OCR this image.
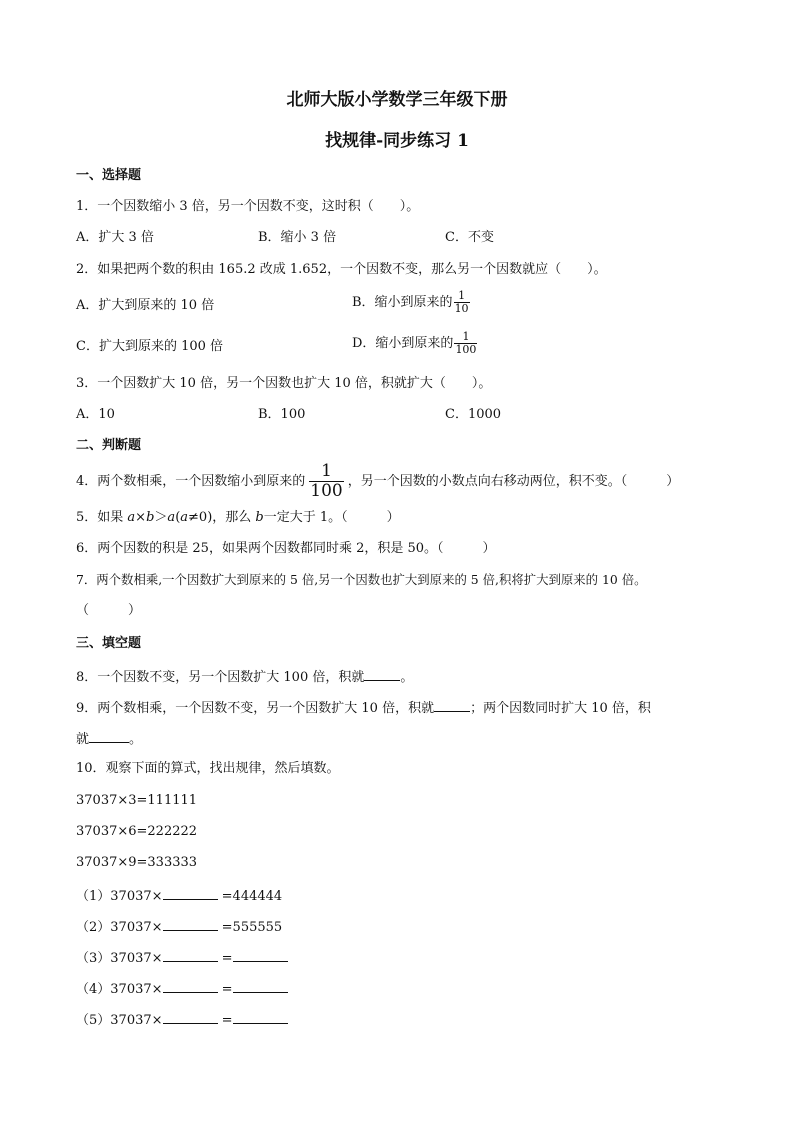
北师大版小学数学三年级下册
找规律-同步练习 1
一、选择题
1．一个因数缩小 3 倍，另一个因数不变，这时积（　　）。
A．扩大 3 倍	B．缩小 3 倍	C．不变
2．如果把两个数的积由 165.2 改成 1.652，一个因数不变，那么另一个因数就应（　　）。
A．扩大到原来的 10 倍	B．缩小到原来的 $\frac{1}{10}$
C．扩大到原来的 100 倍	D．缩小到原来的 $\frac{1}{100}$
3．一个因数扩大 10 倍，另一个因数也扩大 10 倍，积就扩大（　　）。
A．10	B．100	C．1000
二、判断题
4．两个数相乘，一个因数缩小到原来的 $\frac{1}{100}$ ，另一个因数的小数点向右移动两位，积不变。（　　　）
5．如果 a×b＞a(a≠0)，那么 b一定大于 1。（　　　）
6．两个因数的积是 25，如果两个因数都同时乘 2，积是 50。（　　　）
7．两个数相乘,一个因数扩大到原来的 5 倍,另一个因数也扩大到原来的 5 倍,积将扩大到原来的 10 倍。
（　　　）
三、填空题
8．一个因数不变，另一个因数扩大 100 倍，积就	。
9．两个数相乘，一个因数不变，另一个因数扩大 10 倍，积就	；两个因数同时扩大 10 倍，积
就	。
10．观察下面的算式，找出规律，然后填数。
37037×3=111111
37037×6=222222
37037×9=333333
（1）37037×	=444444
（2）37037×	=555555
（3）37037×	=
（4）37037×	=
（5）37037×	=
